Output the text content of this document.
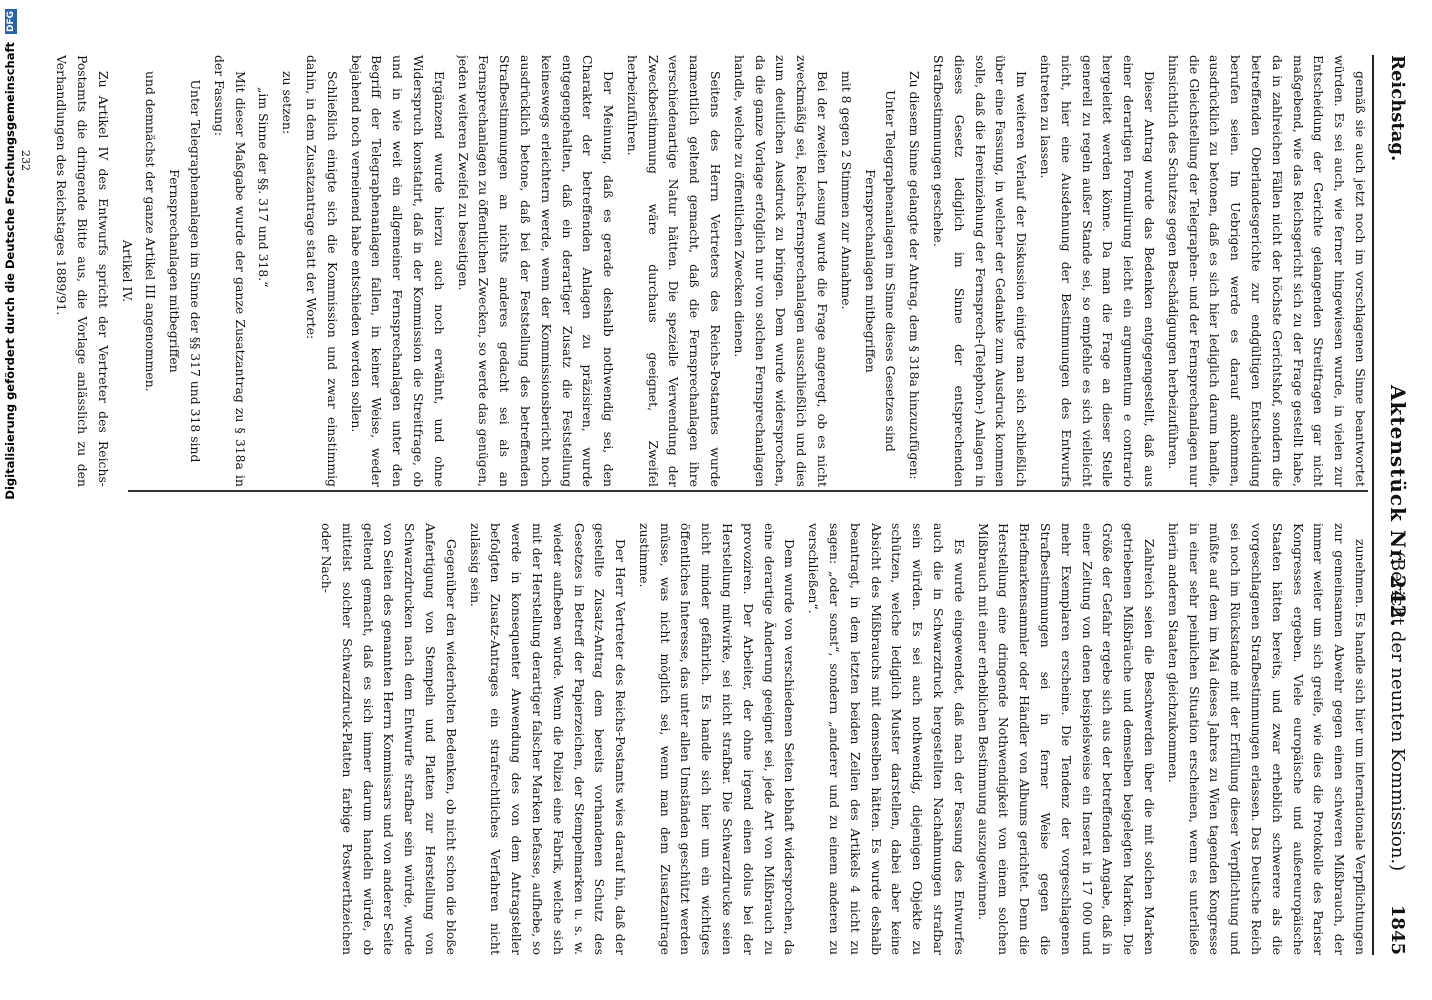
Reichstag.
Aktenstück Nr. 242.
(Bericht der neunten Kommission.) 1845

gemäß sie auch jetzt noch im vorschlagenen Sinne beantwortet würden. Es sei auch, wie ferner hingewiesen wurde, in vielen zur Entscheidung der Gerichte gelangenden Streitfragen gar nicht maßgebend, wie das Reichsgericht sich zu der Frage gestellt habe, da in zahlreichen Fällen nicht der höchste Gerichtshof, sondern die betreffenden Oberlandesgerichte zur endgültigen Entscheidung berufen seien. Im Uebrigen werde es darauf ankommen, ausdrücklich zu betonen, daß es sich hier lediglich darum handle, die Gleichstellung der Telegraphen- und der Fernsprechanlagen nur hinsichtlich des Schutzes gegen Beschädigungen herbeizuführen.

Dieser Antrag wurde das Bedenken entgegengestellt, daß aus einer derartigen Formulirung leicht ein argumentum e contrario hergeleitet werden könne. Da man die Frage an dieser Stelle generell zu regeln außer Stande sei, so empfehle es sich vielleicht nicht, hier eine Ausdehnung der Bestimmungen des Entwurfs eintreten zu lassen.

Im weiteren Verlauf der Diskussion einigte man sich schließlich über eine Fassung, in welcher der Gedanke zum Ausdruck kommen solle, daß die Hereinziehung der Fernsprech-(Telephon-) Anlagen in dieses Gesetz lediglich im Sinne der entsprechenden Strafbestimmungen geschehe.

Zu diesem Sinne gelangte der Antrag, dem § 318a hinzuzufügen:

Unter Telegraphenanlagen im Sinne dieses Gesetzes sind Fernsprechanlagen mitbegriffen

mit 8 gegen 2 Stimmen zur Annahme.

Bei der zweiten Lesung wurde die Frage angeregt, ob es nicht zweckmäßig sei, Reichs-Fernsprechanlagen ausschließlich und dies zum deutlichen Ausdruck zu bringen. Dem wurde widersprochen, da die ganze Vorlage erfolglich nur von solchen Fernsprechanlagen handle, welche zu öffentlichen Zwecken dienen.

Seitens des Herrn Vertreters des Reichs-Postamtes wurde namentlich geltend gemacht, daß die Fernsprechanlagen ihre verschiedenartige Natur hätten. Die spezielle Verwendung der Zweckbestimmung wäre durchaus geeignet, Zweifel herbeizuführen.

Der Meinung, daß es gerade deshalb nothwendig sei, den Charakter der betreffenden Anlagen zu präzisiren, wurde entgegengehalten, daß ein derartiger Zusatz die Feststellung keineswegs erleichtern werde, wenn der Kommissionsbericht noch ausdrücklich betone, daß bei der Feststellung des betreffenden Strafbestimmungen an nichts anderes gedacht sei als an Fernsprechanlagen zu öffentlichen Zwecken, so werde das genügen, jeden weiteren Zweifel zu beseitigen.

Ergänzend wurde hierzu auch noch erwähnt, und ohne Widerspruch konstatirt, daß in der Kommission die Streitfrage, ob und in wie weit ein allgemeiner Fernsprechanlagen unter den Begriff der Telegraphenanlagen fallen, in keiner Weise, weder bejahend noch verneinend habe entschieden werden sollen.

Schließlich einigte sich die Kommission und zwar einstimmig dahin, in dem Zusatzantrage statt der Worte:

zu setzen:

„im Sinne der §§. 317 und 318.“

Mit dieser Maßgabe wurde der ganze Zusatzantrag zu § 318a in der Fassung:

Unter Telegraphenanlagen im Sinne der §§ 317 und 318 sind Fernsprechanlagen mitbegriffen

und demnächst der ganze Artikel III angenommen.

Artikel IV.

Zu Artikel IV des Entwurfs spricht der Vertreter des Reichs-Postamts die dringende Bitte aus, die Vorlage anlässlich zu den Verhandlungen des Reichstages 1889/91.

zunehmen. Es handle sich hier um internationale Verpflichtungen zur gemeinsamen Abwehr gegen einen schweren Mißbrauch, der immer weiter um sich greife, wie dies die Protokolle des Pariser Kongresses ergeben. Viele europäische und außereuropäische Staaten hätten bereits, und zwar erheblich schwerere als die vorgeschlagenen Strafbestimmungen erlassen. Das Deutsche Reich sei noch im Rückstande mit der Erfüllung dieser Verpflichtung und müßte auf dem im Mai dieses Jahres zu Wien tagenden Kongresse in einer sehr peinlichen Situation erscheinen, wenn es unterließe hierin anderen Staaten gleichzukommen.

Zahlreich seien die Beschwerden über die mit solchen Marken getriebenen Mißbräuche und demselben beigelegten Marken. Die Größe der Gefahr ergebe sich aus der betreffenden Angabe, daß in einer Zeitung von denen beispielsweise ein Inserat in 17 000 und mehr Exemplaren erscheine. Die Tendenz der vorgeschlagenen Strafbestimmungen sei in ferner Weise gegen die Briefmarkensammler oder Händler von Albums gerichtet. Denn die Herstellung eine dringende Nothwendigkeit von einem solchen Mißbrauch mit einer erheblichen Bestimmung auszugewinnen.

Es wurde eingewendet, daß nach der Fassung des Entwurfes auch die in Schwarzdruck hergestellten Nachahmungen strafbar sein würden. Es sei auch nothwendig, diejenigen Objekte zu schützen, welche lediglich Muster darstellen, dabei aber keine Absicht des Mißbrauchs mit demselben hätten. Es wurde deshalb beantragt, in dem letzten beiden Zeilen des Artikels 4 nicht zu sagen: „oder sonst“, sondern „anderer und zu einem anderen zu verschließen“.

Dem wurde von verschiedenen Seiten lebhaft widersprochen, da eine derartige Änderung geeignet sei, jede Art von Mißbrauch zu provoziren. Der Arbeiter, der ohne irgend einen dolus bei der Herstellung mitwirke, sei nicht strafbar. Die Schwarzdrucke seien nicht minder gefährlich. Es handle sich hier um ein wichtiges öffentliches Interesse, das unter allen Umständen geschützt werden müsse, was nicht möglich sei, wenn man dem Zusatzantrage zustimme.

Der Herr Vertreter des Reichs-Postamts wies darauf hin, daß der gestellte Zusatz-Antrag dem bereits vorhandenen Schutz des Gesetzes in Betreff der Papierzeichen, der Stempelmarken u. s. w. wieder aufheben würde. Wenn die Polizei eine Fabrik, welche sich mit der Herstellung derartiger falscher Marken befasse, aufhebe, so werde in konsequenter Anwendung des von dem Antragsteller befolgten Zusatz-Antrages ein strafrechtliches Verfahren nicht zulässig sein.

Gegenüber den wiederholten Bedenken, ob nicht schon die bloße Anfertigung von Stempeln und Platten zur Herstellung von Schwarzdrucken nach dem Entwurfe strafbar sein würde, wurde von Seiten des genannten Herrn Kommissars und von anderer Seite geltend gemacht, daß es sich immer darum handeln würde, ob mittelst solcher Schwarzdruck-Platten farbige Postwerthzeichen oder Nach-

232
Digitalisierung gefördert durch die Deutsche Forschungsgemeinschaft DFG
